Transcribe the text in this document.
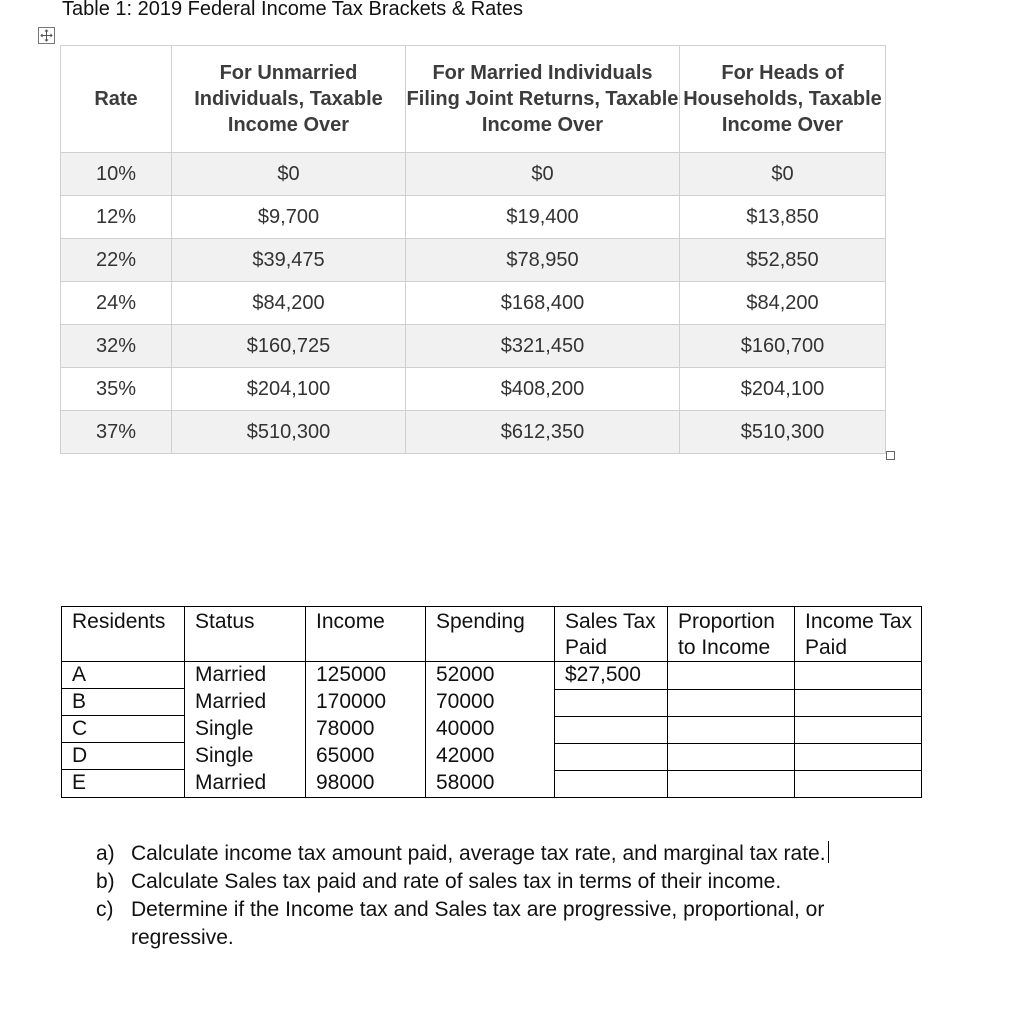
Table 1: 2019 Federal Income Tax Brackets & Rates
Rate	For Unmarried Individuals, Taxable Income Over	For Married Individuals Filing Joint Returns, Taxable Income Over	For Heads of Households, Taxable Income Over
10%	$0	$0	$0
12%	$9,700	$19,400	$13,850
22%	$39,475	$78,950	$52,850
24%	$84,200	$168,400	$84,200
32%	$160,725	$321,450	$160,700
35%	$204,100	$408,200	$204,100
37%	$510,300	$612,350	$510,300
Residents	Status	Income	Spending	Sales Tax Paid	Proportion to Income	Income Tax Paid

A	Married	125000	52000	$27,500		

B	Married	170000	70000			

C	Single	78000	40000			

D	Single	65000	42000			

E	Married	98000	58000			
a) Calculate income tax amount paid, average tax rate, and marginal tax rate.
b) Calculate Sales tax paid and rate of sales tax in terms of their income.
c) Determine if the Income tax and Sales tax are progressive, proportional, or regressive.
